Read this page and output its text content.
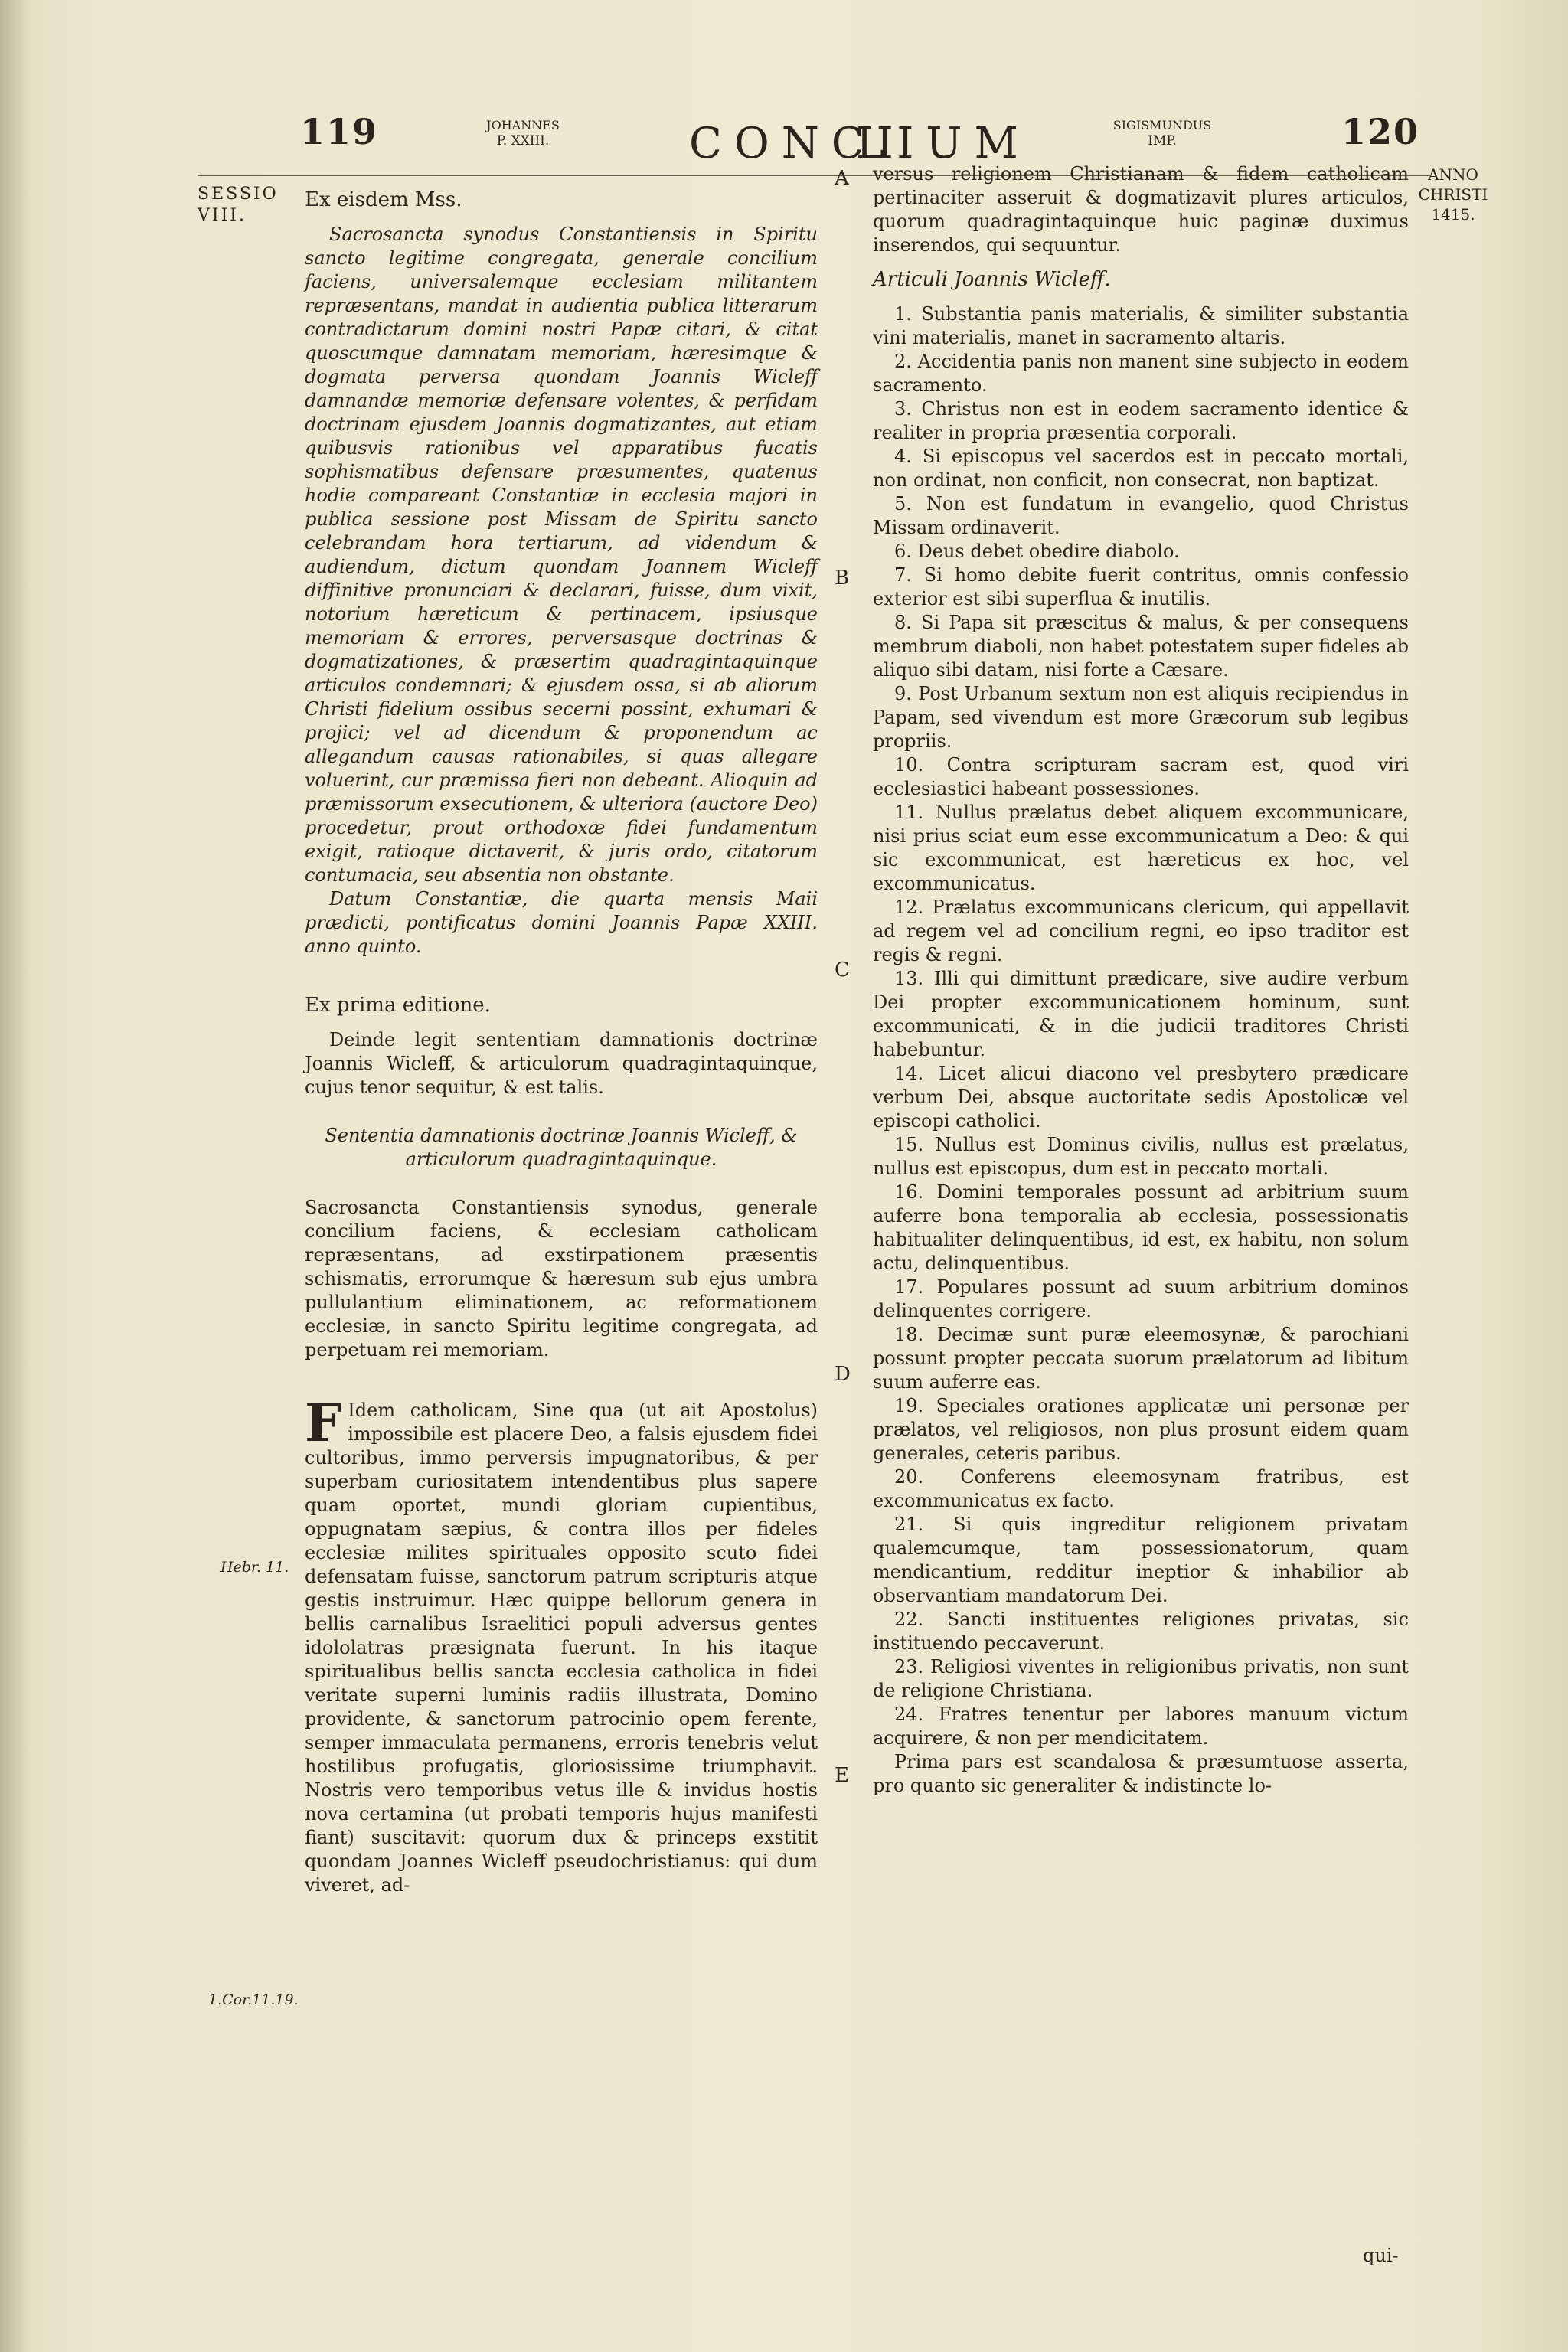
119	JOHANNES
P. XXIII.	CONCI
LIUM	SIGISMUNDUS
IMP.	120
SESSIO
VIII.
ANNO
CHRISTI
1415.
Hebr. 11.
1.Cor.11.19.
A
B
C
D
E

Ex eisdem Mss.

Sacrosancta synodus Constantiensis in Spiritu sancto legitime congregata, generale concilium faciens, universalemque ecclesiam militantem repræsentans, mandat in audientia publica litterarum contradictarum domini nostri Papæ citari, & citat quoscumque damnatam memoriam, hæresimque & dogmata perversa quondam Joannis Wicleff damnandæ memoriæ defensare volentes, & perfidam doctrinam ejusdem Joannis dogmatizantes, aut etiam quibusvis rationibus vel apparatibus fucatis sophismatibus defensare præsumentes, quatenus hodie compareant Constantiæ in ecclesia majori in publica sessione post Missam de Spiritu sancto celebrandam hora tertiarum, ad videndum & audiendum, dictum quondam Joannem Wicleff diffinitive pronunciari & declarari, fuisse, dum vixit, notorium hæreticum & pertinacem, ipsiusque memoriam & errores, perversasque doctrinas & dogmatizationes, & præsertim quadragintaquinque articulos condemnari; & ejusdem ossa, si ab aliorum Christi fidelium ossibus secerni possint, exhumari & projici; vel ad dicendum & proponendum ac allegandum causas rationabiles, si quas allegare voluerint, cur præmissa fieri non debeant. Alioquin ad præmissorum exsecutionem, & ulteriora (auctore Deo) procedetur, prout orthodoxæ fidei fundamentum exigit, ratioque dictaverit, & juris ordo, citatorum contumacia, seu absentia non obstante.

Datum Constantiæ, die quarta mensis Maii prædicti, pontificatus domini Joannis Papæ XXIII. anno quinto.

Ex prima editione.

Deinde legit sententiam damnationis doctrinæ Joannis Wicleff, & articulorum quadragintaquinque, cujus tenor sequitur, & est talis.

Sententia damnationis doctrinæ Joannis Wicleff, & articulorum quadragintaquinque.

Sacrosancta Constantiensis synodus, generale concilium faciens, & ecclesiam catholicam repræsentans, ad exstirpationem præsentis schismatis, errorumque & hæresum sub ejus umbra pullulantium eliminationem, ac reformationem ecclesiæ, in sancto Spiritu legitime congregata, ad perpetuam rei memoriam.

F Idem catholicam, Sine qua (ut ait Apostolus) impossibile est placere Deo, a falsis ejusdem fidei cultoribus, immo perversis impugnatoribus, & per superbam curiositatem intendentibus plus sapere quam oportet, mundi gloriam cupientibus, oppugnatam sæpius, & contra illos per fideles ecclesiæ milites spirituales opposito scuto fidei defensatam fuisse, sanctorum patrum scripturis atque gestis instruimur. Hæc quippe bellorum genera in bellis carnalibus Israelitici populi adversus gentes idololatras præsignata fuerunt. In his itaque spiritualibus bellis sancta ecclesia catholica in fidei veritate superni luminis radiis illustrata, Domino providente, & sanctorum patrocinio opem ferente, semper immaculata permanens, erroris tenebris velut hostilibus profugatis, gloriosissime triumphavit. Nostris vero temporibus vetus ille & invidus hostis nova certamina (ut probati temporis hujus manifesti fiant) suscitavit: quorum dux & princeps exstitit quondam Joannes Wicleff pseudochristianus: qui dum viveret, ad-

versus religionem Christianam & fidem catholicam pertinaciter asseruit & dogmatizavit plures articulos, quorum quadragintaquinque huic paginæ duximus inserendos, qui sequuntur.

Articuli Joannis Wicleff.

1. Substantia panis materialis, & similiter substantia vini materialis, manet in sacramento altaris.

2. Accidentia panis non manent sine subjecto in eodem sacramento.

3. Christus non est in eodem sacramento identice & realiter in propria præsentia corporali.

4. Si episcopus vel sacerdos est in peccato mortali, non ordinat, non conficit, non consecrat, non baptizat.

5. Non est fundatum in evangelio, quod Christus Missam ordinaverit.

6. Deus debet obedire diabolo.

7. Si homo debite fuerit contritus, omnis confessio exterior est sibi superflua & inutilis.

8. Si Papa sit præscitus & malus, & per consequens membrum diaboli, non habet potestatem super fideles ab aliquo sibi datam, nisi forte a Cæsare.

9. Post Urbanum sextum non est aliquis recipiendus in Papam, sed vivendum est more Græcorum sub legibus propriis.

10. Contra scripturam sacram est, quod viri ecclesiastici habeant possessiones.

11. Nullus prælatus debet aliquem excommunicare, nisi prius sciat eum esse excommunicatum a Deo: & qui sic excommunicat, est hæreticus ex hoc, vel excommunicatus.

12. Prælatus excommunicans clericum, qui appellavit ad regem vel ad concilium regni, eo ipso traditor est regis & regni.

13. Illi qui dimittunt prædicare, sive audire verbum Dei propter excommunicationem hominum, sunt excommunicati, & in die judicii traditores Christi habebuntur.

14. Licet alicui diacono vel presbytero prædicare verbum Dei, absque auctoritate sedis Apostolicæ vel episcopi catholici.

15. Nullus est Dominus civilis, nullus est prælatus, nullus est episcopus, dum est in peccato mortali.

16. Domini temporales possunt ad arbitrium suum auferre bona temporalia ab ecclesia, possessionatis habitualiter delinquentibus, id est, ex habitu, non solum actu, delinquentibus.

17. Populares possunt ad suum arbitrium dominos delinquentes corrigere.

18. Decimæ sunt puræ eleemosynæ, & parochiani possunt propter peccata suorum prælatorum ad libitum suum auferre eas.

19. Speciales orationes applicatæ uni personæ per prælatos, vel religiosos, non plus prosunt eidem quam generales, ceteris paribus.

20. Conferens eleemosynam fratribus, est excommunicatus ex facto.

21. Si quis ingreditur religionem privatam qualemcumque, tam possessionatorum, quam mendicantium, redditur ineptior & inhabilior ab observantiam mandatorum Dei.

22. Sancti instituentes religiones privatas, sic instituendo peccaverunt.

23. Religiosi viventes in religionibus privatis, non sunt de religione Christiana.

24. Fratres tenentur per labores manuum victum acquirere, & non per mendicitatem.

Prima pars est scandalosa & præsumtuose asserta, pro quanto sic generaliter & indistincte lo-

qui-
